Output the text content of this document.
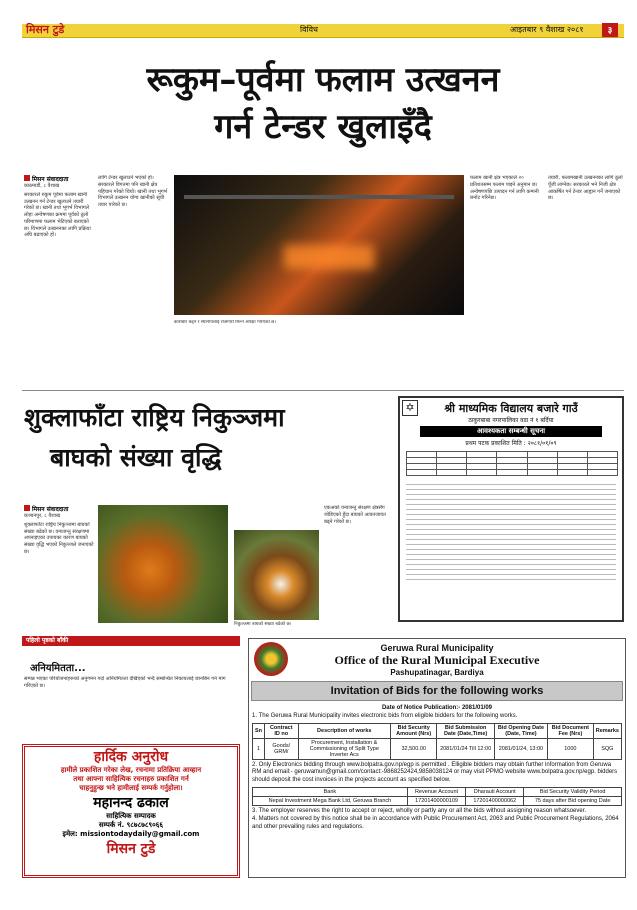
मिसन टुडे	विविध	आइतबार ९ वैशाख २०८१	३
रूकुम–पूर्वमा फलाम उत्खनन
गर्न टेन्डर खुलाइँदै
मिसन संवाददाता
काठमाडौं, ८ वैशाख
सरकारले रुकुम पूर्वमा फलाम खानी उत्खनन गर्न टेन्डर खुलाउने तयारी गरेको छ। खानी तथा भूगर्भ विभागले लोहा अन्वेषणका क्रममा पूर्वको ठूलो परिमाणमा फलाम भेटिएको बताएको छ। विभागले उत्खननका लागि प्रक्रिया अघि बढाएको हो।
लागि टेन्डर खुलाउने भएको हो। सरकारले विगतमा पनि खानी क्षेत्र पहिचान गरेको थियो। खानी तथा भूगर्भ विभागले उत्खनन योग्य खानीको सूची तयार पारेको छ।
कारोबार बढ्ने र स्थानीयलाई रोजगारी मिल्ने अपेक्षा गरिएको छ।
फलाम खानी क्षेत्र भएकाले २० प्रतिशतसम्म फलाम पाइने अनुमान छ। अन्वेषणपछि उत्पादन गर्न लागि कम्पनी छनोट गरिनेछ।
तयारी, फलामखानी उत्खननका लागि ठूलो पूँजी लाग्नेछ। सरकारले भने निजी क्षेत्र आकर्षित गर्न टेन्डर आह्वान गर्ने जनाएको छ।
शुक्लाफाँटा राष्ट्रिय निकुञ्जमा
बाघको संख्या वृद्धि
मिसन संवाददाता
कञ्चनपुर, ८ वैशाख
शुक्लाफाँटा राष्ट्रिय निकुञ्जमा बाघको संख्या बढेको छ। वन्यजन्तु संरक्षणमा अपनाइएका उपायका कारण बाघको संख्या वृद्धि भएको निकुञ्जले जनाएको छ।
निकुञ्जमा बाघको संख्या बढेको छ।
एकअर्को वन्यजन्तु संरक्षण क्षेत्रसँग जोडिएको हुँदा बाघको आवतजावत बढ्ने गरेको छ।
श्री माध्यमिक विद्यालय बजारे गाउँ
ठाकुरबाबा नगरपालिका वडा नं १ बर्दिया
आवश्यकता सम्बन्धी सूचना
प्रथम पटक प्रकाशित मिति : २०८१/०१/०९

✡
पहिलो पृष्ठको बाँकी
अनियमितता...
सम्पन्न भएका परियोजनाहरूको अनुगमन गर्दा अनियमितता देखिएको भन्दै सम्बन्धित निकायलाई छानबिन गर्न माग गरिएको छ।
हार्दिक अनुरोध
हामीले प्रकाशित गरेका लेख, रचनामा प्रतिक्रिया आव्हान
तथा आफ्ना साहित्यिक रचनाहरु प्रकाशित गर्न
चाहनुहुन्छ भने हामीलाई सम्पर्क गर्नुहोला।
महानन्द ढकाल
साहित्यिक सम्पादक
सम्पर्क नं. ९८७८७८९०६६
इमेल: missiontodaydaily@gmail.com
मिसन टुडे
Geruwa Rural Municipality
Office of the Rural Municipal Executive
Pashupatinagar, Bardiya
Invitation of Bids for the following works
Date of Notice Publication:- 2081/01/09
1. The Geruwa Rural Municipality invites electronic bids from eligible bidders for the following works.
Sn	Contract ID no	Description of works	Bid Security Amount (Nrs)	Bid Submission Date (Date,Time)	Bid Opening Date (Date, Time)	Bid Document Fee (Nrs)	Remarks
1	Goods/ GRM/	Procurement, Installation & Commissioning of Split Type Inverter Acs	32,500.00	2081/01/24 Till 12:00	2081/01/24, 13:00	1000	SQG
2. Only Electronics bidding through www.bolpatra.gov.np/egp is permitted . Elligible bidders may obtain further information from Geruwa RM and email:- geruwamun@gmail.com/contact:-9868252424,9858038124 or may visit PPMO website www.bolpatra.gov.np/egp. bidders should deposit the cost invoices in the projects account as specified below.
Bank	Revenue Account	Dharauti Account	Bid Security Validity Period
Nepal Investment Mega Bank Ltd, Geruwa Branch	17201400000109	17201400000062	75 days after Bid opening Date
3. The employer reserves the right to accept or reject, wholly or partly any or all the bids without assigning reason whatsoever.
4. Matters not covered by this notice shall be in accordance with Public Procurement Act, 2063 and Public Procurement Regulations, 2064 and other prevailing rules and regulations.
